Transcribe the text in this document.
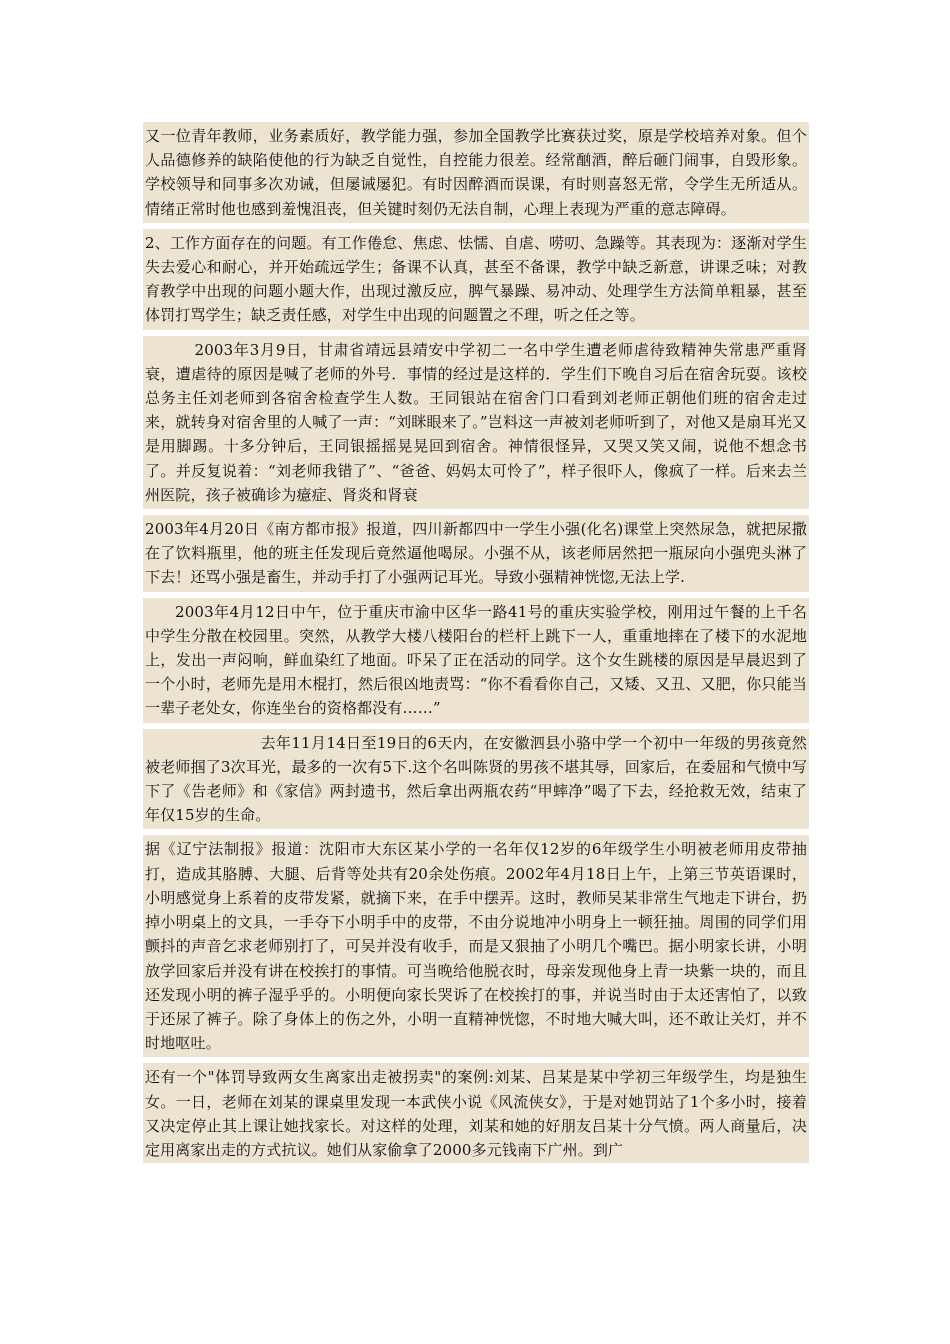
又一位青年教师，业务素质好，教学能力强，参加全国教学比赛获过奖，原是学校培养对象。但个人品德修养的缺陷使他的行为缺乏自觉性，自控能力很差。经常酗酒，醉后砸门闹事，自毁形象。学校领导和同事多次劝诫，但屡诫屡犯。有时因醉酒而误课，有时则喜怒无常，令学生无所适从。情绪正常时他也感到羞愧沮丧，但关键时刻仍无法自制，心理上表现为严重的意志障碍。

2、工作方面存在的问题。有工作倦怠、焦虑、怯懦、自虐、唠叨、急躁等。其表现为：逐渐对学生失去爱心和耐心，并开始疏远学生；备课不认真，甚至不备课，教学中缺乏新意，讲课乏味；对教育教学中出现的问题小题大作，出现过激反应，脾气暴躁、易冲动、处理学生方法简单粗暴，甚至体罚打骂学生；缺乏责任感，对学生中出现的问题置之不理，听之任之等。

2003年3月9日，甘肃省靖远县靖安中学初二一名中学生遭老师虐待致精神失常患严重肾衰，遭虐待的原因是喊了老师的外号．事情的经过是这样的．学生们下晚自习后在宿舍玩耍。该校总务主任刘老师到各宿舍检查学生人数。王同银站在宿舍门口看到刘老师正朝他们班的宿舍走过来，就转身对宿舍里的人喊了一声：“刘眯眼来了。”岂料这一声被刘老师听到了，对他又是扇耳光又是用脚踢。十多分钟后，王同银摇摇晃晃回到宿舍。神情很怪异，又哭又笑又闹，说他不想念书了。并反复说着：“刘老师我错了”、“爸爸、妈妈太可怜了”，样子很吓人，像疯了一样。后来去兰州医院，孩子被确诊为癔症、肾炎和肾衰

2003年4月20日《南方都市报》报道，四川新都四中一学生小强(化名)课堂上突然尿急，就把尿撒在了饮料瓶里，他的班主任发现后竟然逼他喝尿。小强不从，该老师居然把一瓶尿向小强兜头淋了下去！还骂小强是畜生，并动手打了小强两记耳光。导致小强精神恍惚,无法上学.

2003年4月12日中午，位于重庆市渝中区华一路41号的重庆实验学校，刚用过午餐的上千名中学生分散在校园里。突然，从教学大楼八楼阳台的栏杆上跳下一人，重重地摔在了楼下的水泥地上，发出一声闷响，鲜血染红了地面。吓呆了正在活动的同学。这个女生跳楼的原因是早晨迟到了一个小时，老师先是用木棍打，然后很凶地责骂：“你不看看你自己，又矮、又丑、又肥，你只能当一辈子老处女，你连坐台的资格都没有……”

去年11月14日至19日的6天内，在安徽泗县小骆中学一个初中一年级的男孩竟然被老师掴了3次耳光，最多的一次有5下.这个名叫陈贤的男孩不堪其辱，回家后，在委屈和气愤中写下了《告老师》和《家信》两封遗书，然后拿出两瓶农药“甲蟀净”喝了下去，经抢救无效，结束了年仅15岁的生命。

据《辽宁法制报》报道：沈阳市大东区某小学的一名年仅12岁的6年级学生小明被老师用皮带抽打，造成其胳膊、大腿、后背等处共有20余处伤痕。2002年4月18日上午，上第三节英语课时，小明感觉身上系着的皮带发紧，就摘下来，在手中摆弄。这时，教师吴某非常生气地走下讲台，扔掉小明桌上的文具，一手夺下小明手中的皮带，不由分说地冲小明身上一顿狂抽。周围的同学们用颤抖的声音乞求老师别打了，可吴并没有收手，而是又狠抽了小明几个嘴巴。据小明家长讲，小明放学回家后并没有讲在校挨打的事情。可当晚给他脱衣时，母亲发现他身上青一块紫一块的，而且还发现小明的裤子湿乎乎的。小明便向家长哭诉了在校挨打的事，并说当时由于太还害怕了，以致于还尿了裤子。除了身体上的伤之外，小明一直精神恍惚，不时地大喊大叫，还不敢让关灯，并不时地呕吐。

还有一个"体罚导致两女生离家出走被拐卖"的案例:刘某、吕某是某中学初三年级学生，均是独生女。一日，老师在刘某的课桌里发现一本武侠小说《风流侠女》，于是对她罚站了1个多小时，接着又决定停止其上课让她找家长。对这样的处理，刘某和她的好朋友吕某十分气愤。两人商量后，决定用离家出走的方式抗议。她们从家偷拿了2000多元钱南下广州。到广
